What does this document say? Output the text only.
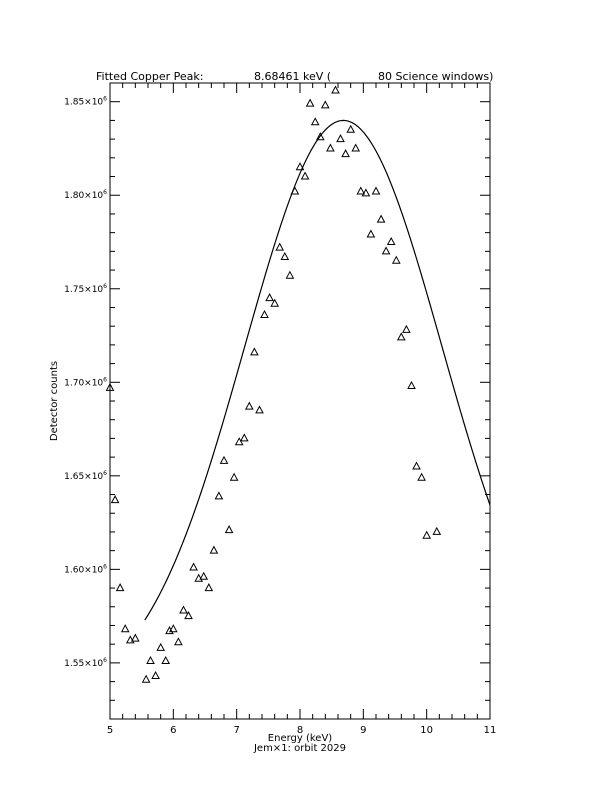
Fitted Copper Peak:	8.68461 keV (	80 Science windows)
5	6	7	8	9	10	11
$1.55\times 10^6$
$1.60\times 10^6$
$1.65\times 10^6$
$1.70\times 10^6$
$1.75\times 10^6$
$1.80\times 10^6$
$1.85\times 10^6$
Energy (keV)
Jem×1: orbit 2029
Detector counts
